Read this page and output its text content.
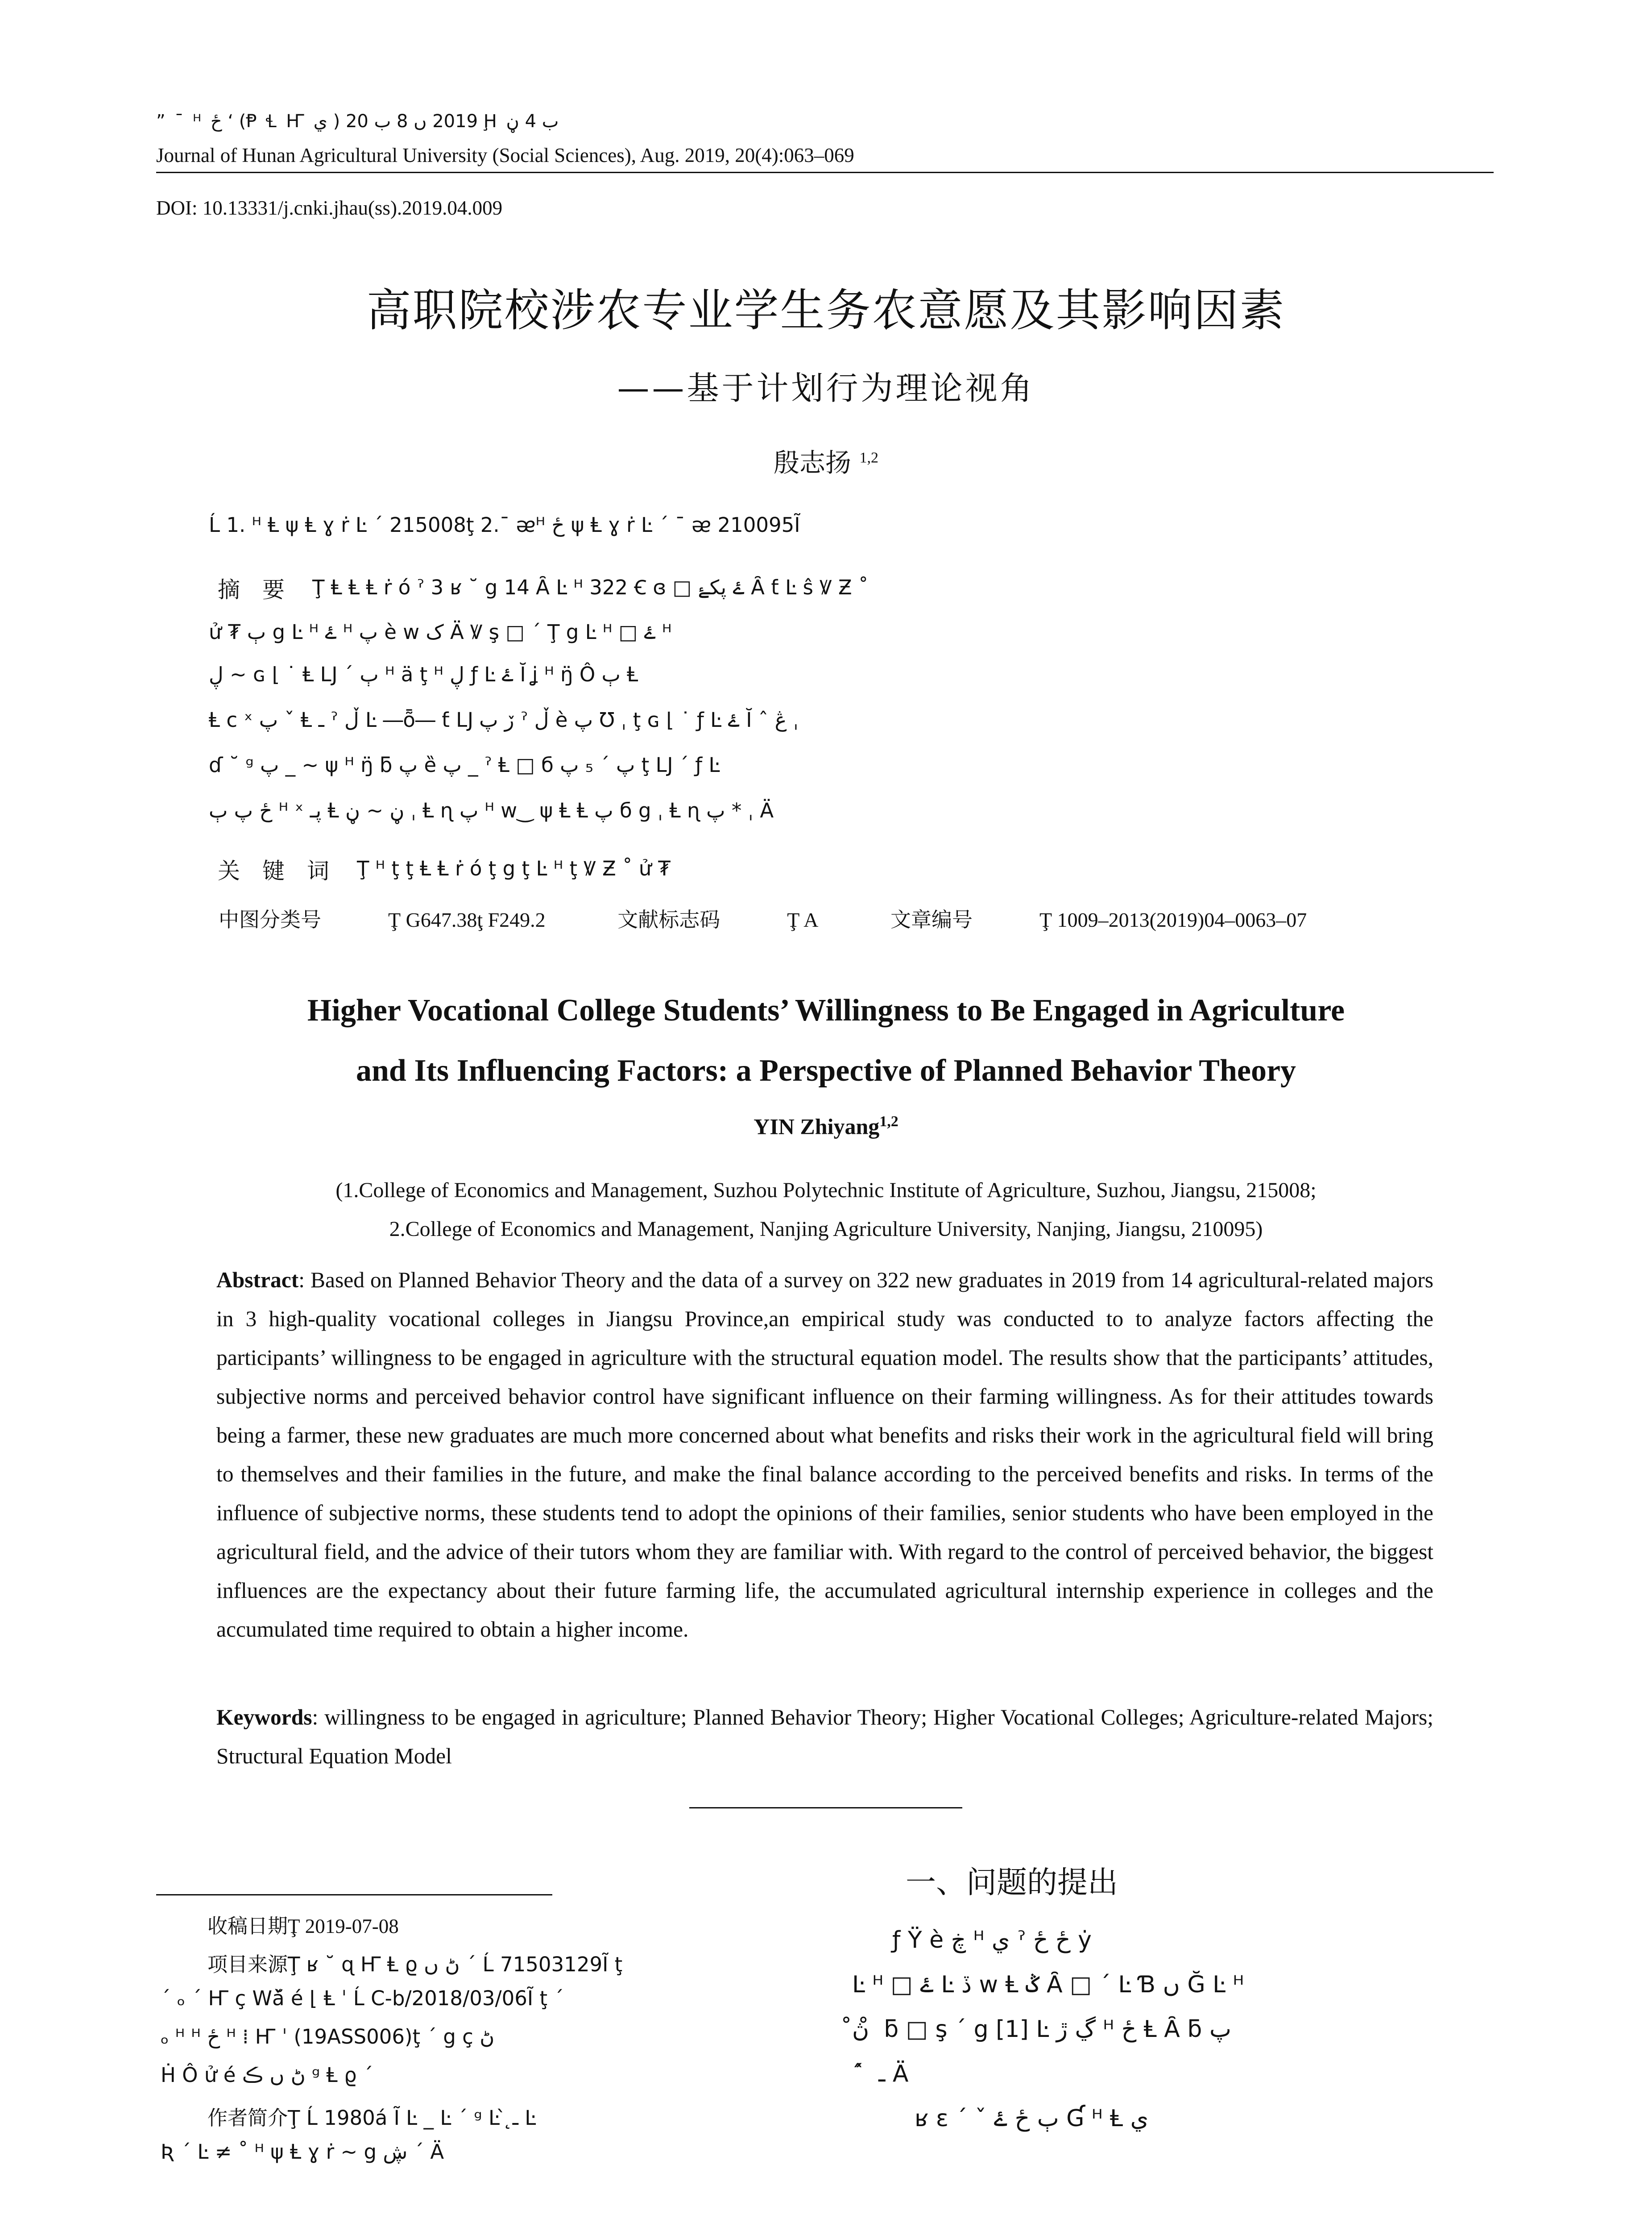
” ¯ ᴴ ځ ʻ (Ᵽ Ɬ Ҥ ي ) 2019 ں 8 ب 20 Ḩ ب 4 ڼ
Journal of Hunan Agricultural University (Social Sciences), Aug. 2019, 20(4):063–069
DOI: 10.13331/j.cnki.jhau(ss).2019.04.009
高职院校涉农专业学生务农意愿及其影响因素
——基于计划行为理论视角
殷志扬 $^{1,2}$
Ĺ 1. ᴴ Ⱡ ψ Ⱡ ɣ ṙ Ŀ ˊ 215008ţ 2.¯ ᴂᴴ ځ ψ Ⱡ ɣ ṙ Ŀ ˊ ¯ ᴂ 210095Ĩ
摘　要 Ţ Ⱡ Ⱡ Ⱡ ṙ ó ˀ 3 ʁ ˘ g 14 Ȃ Ŀ ᴴ 322 Ꞓ ɞ □ ۓ پکۓ Ȃ ƭ Ŀ ŝ Ꝟ Ƶ ˚
ử ₮ ٻ g Ŀ ᴴ ۓ ᴴ پ è w ک Ä Ꝟ ş □ ˊ Ţ g Ŀ ᴴ □ ۓ ᴴ
ڸ ~ ɢ ⌊ ˙ Ⱡ Ǉ ˊ ٻ ᴴ ä ţ ᴴ ڸ ƒ Ŀ ۓ Ĭ ʝ ᴴ ŋ̈ Ô ٻ Ⱡ
Ⱡ ᴄ ˣ پ ˇ Ⱡ ـ ˀ ڵ Ŀ ―ȭ― ƭ Ǉ ڒ پ ˀ ڵ è پ Ʊ ˌ ţ ɢ ⌊ ˙ ƒ Ŀ ۓ Ĭ ˆ ڠ ˌ
ɗ ˘ ᵍ پ _ ~ ψ ᴴ ŋ̈ ƃ پ ȅ پ _ ˀ Ⱡ □ б پ ˊ ₅ پ ţ Ǉ ˊ ƒ Ŀ
ځ پ ٻ ᴴ ˣ پـ Ⱡ ڼ ~ ڼ ˌ Ⱡ ɳ پ ᴴ w‿ ψ Ⱡ Ⱡ پ б g ˌ Ⱡ ɳ پ * ˌ Ä
关　键　词 Ţ ᴴ ţ ţ Ⱡ Ⱡ ṙ ó ţ g ţ Ŀ ᴴ ţ Ꝟ Ƶ ˚ ử ₮
中图分类号	Ţ G647.38ţ F249.2	文献标志码	Ţ A	文章编号	Ţ 1009–2013(2019)04–0063–07
Higher Vocational College Students’ Willingness to Be Engaged in Agriculture
and Its Influencing Factors: a Perspective of Planned Behavior Theory
YIN Zhiyang$^{1,2}$
(1.College of Economics and Management, Suzhou Polytechnic Institute of Agriculture, Suzhou, Jiangsu, 215008;
2.College of Economics and Management, Nanjing Agriculture University, Nanjing, Jiangsu, 210095)
Abstract: Based on Planned Behavior Theory and the data of a survey on 322 new graduates in 2019 from 14 agricultural-related majors in 3 high-quality vocational colleges in Jiangsu Province,an empirical study was conducted to to analyze factors affecting the participants’ willingness to be engaged in agriculture with the structural equation model. The results show that the participants’ attitudes, subjective norms and perceived behavior control have significant influence on their farming willingness. As for their attitudes towards being a farmer, these new graduates are much more concerned about what benefits and risks their work in the agricultural field will bring to themselves and their families in the future, and make the final balance according to the perceived benefits and risks. In terms of the influence of subjective norms, these students tend to adopt the opinions of their families, senior students who have been employed in the agricultural field, and the advice of their tutors whom they are familiar with. With regard to the control of perceived behavior, the biggest influences are the expectancy about their future farming life, the accumulated agricultural internship experience in colleges and the accumulated time required to obtain a higher income.
Keywords: willingness to be engaged in agriculture; Planned Behavior Theory; Higher Vocational Colleges; Agriculture-related Majors; Structural Equation Model
收稿日期Ţ 2019-07-08
项目来源Ţ ʁ ˘ ɋ Ҥ Ⱡ ϱ ڻ ں ˊ Ĺ 71503129Ĩ ţ
ˊ ₒ ˊ Ҥ ҫ Wǎ̆ é ⌊ Ⱡ ˈ Ĺ C-b/2018/03/06Ĩ ţ ˊ
ₒ ᴴ ᴴ ځ ᴴ ⁞ Ҥ ˈ (19ASS006)ţ ˊ g ҫ ڻ
Ḣ Ô ử é ڻ ں ڪ ᵍ Ⱡ ϱ ˊ
作者简介Ţ Ĺ 1980á Ĩ Ŀ _ Ŀ ˊ ᵍ Ŀ ̀ ـ̨ Ŀ
Ʀ ˊ Ŀ ≠ ˚ ᴴ ψ Ⱡ ɣ ṙ ~ g ڜ ˊ Ä
一、问题的提出
ƒ Ÿ è ڿ ᴴ ي ˀ ځ ځ ẏ
Ŀ ᴴ □ ۓ Ŀ ڏ w Ⱡ ݣ Ȃ □ ˊ Ŀ Ɓ ں Ğ Ŀ ᴴ
ڽ̊ ̊ ƃ □ ş ˊ g [1] Ŀ ڲ ڙ ᴴ ځ Ⱡ Ȃ ƃ پ
ˊ ̂ ـ Ä
ʁ ɛ ˊ ˇ ٻ ځ ۓ Ɠ ᴴ Ⱡ ي
